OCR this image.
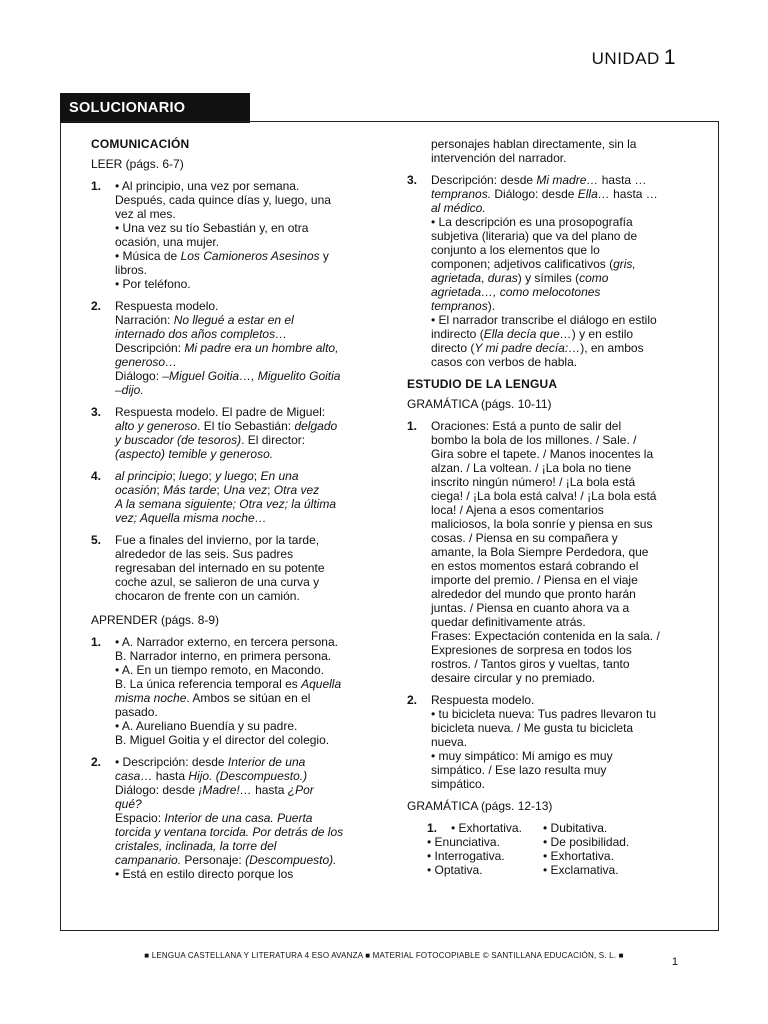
UNIDAD 1
SOLUCIONARIO
COMUNICACIÓN
LEER (págs. 6-7)
1.	• Al principio, una vez por semana.
Después, cada quince días y, luego, una
vez al mes.
• Una vez su tío Sebastián y, en otra
ocasión, una mujer.
• Música de Los Camioneros Asesinos y
libros.
• Por teléfono.
2.	Respuesta modelo.
Narración: No llegué a estar en el
internado dos años completos…
Descripción: Mi padre era un hombre alto,
generoso…
Diálogo: –Miguel Goitia…, Miguelito Goitia
–dijo.
3.	Respuesta modelo. El padre de Miguel:
alto y generoso. El tío Sebastián: delgado
y buscador (de tesoros). El director:
(aspecto) temible y generoso.
4.	al principio; luego; y luego; En una
ocasión; Más tarde; Una vez; Otra vez
A la semana siguiente; Otra vez; la última
vez; Aquella misma noche…
5.	Fue a finales del invierno, por la tarde,
alrededor de las seis. Sus padres
regresaban del internado en su potente
coche azul, se salieron de una curva y
chocaron de frente con un camión.
APRENDER (págs. 8-9)
1.	• A. Narrador externo, en tercera persona.
B. Narrador interno, en primera persona.
• A. En un tiempo remoto, en Macondo.
B. La única referencia temporal es Aquella
misma noche. Ambos se sitúan en el
pasado.
• A. Aureliano Buendía y su padre.
B. Miguel Goitia y el director del colegio.
2.	• Descripción: desde Interior de una
casa… hasta Hijo. (Descompuesto.)
Diálogo: desde ¡Madre!… hasta ¿Por
qué?
Espacio: Interior de una casa. Puerta
torcida y ventana torcida. Por detrás de los
cristales, inclinada, la torre del
campanario. Personaje: (Descompuesto).
• Está en estilo directo porque los
personajes hablan directamente, sin la
intervención del narrador.
3.	Descripción: desde Mi madre… hasta …
tempranos. Diálogo: desde Ella… hasta …
al médico.
• La descripción es una prosopografía
subjetiva (literaria) que va del plano de
conjunto a los elementos que lo
componen; adjetivos calificativos (gris,
agrietada, duras) y símiles (como
agrietada…, como melocotones
tempranos).
• El narrador transcribe el diálogo en estilo
indirecto (Ella decía que…) y en estilo
directo (Y mi padre decía:…), en ambos
casos con verbos de habla.
ESTUDIO DE LA LENGUA
GRAMÁTICA (págs. 10-11)
1.	Oraciones: Está a punto de salir del
bombo la bola de los millones. / Sale. /
Gira sobre el tapete. / Manos inocentes la
alzan. / La voltean. / ¡La bola no tiene
inscrito ningún número! / ¡La bola está
ciega! / ¡La bola está calva! / ¡La bola está
loca! / Ajena a esos comentarios
maliciosos, la bola sonríe y piensa en sus
cosas. / Piensa en su compañera y
amante, la Bola Siempre Perdedora, que
en estos momentos estará cobrando el
importe del premio. / Piensa en el viaje
alrededor del mundo que pronto harán
juntas. / Piensa en cuanto ahora va a
quedar definitivamente atrás.
Frases: Expectación contenida en la sala. /
Expresiones de sorpresa en todos los
rostros. / Tantos giros y vueltas, tanto
desaire circular y no premiado.
2.	Respuesta modelo.
• tu bicicleta nueva: Tus padres llevaron tu
bicicleta nueva. / Me gusta tu bicicleta
nueva.
• muy simpático: Mi amigo es muy
simpático. / Ese lazo resulta muy
simpático.
GRAMÁTICA (págs. 12-13)
1.	• Exhortativa. • Dubitativa.
• Enunciativa.	• De posibilidad.
• Interrogativa.	• Exhortativa.
• Optativa.	• Exclamativa.
■ LENGUA CASTELLANA Y LITERATURA 4 ESO AVANZA ■ MATERIAL FOTOCOPIABLE © SANTILLANA EDUCACIÓN, S. L. ■
1
